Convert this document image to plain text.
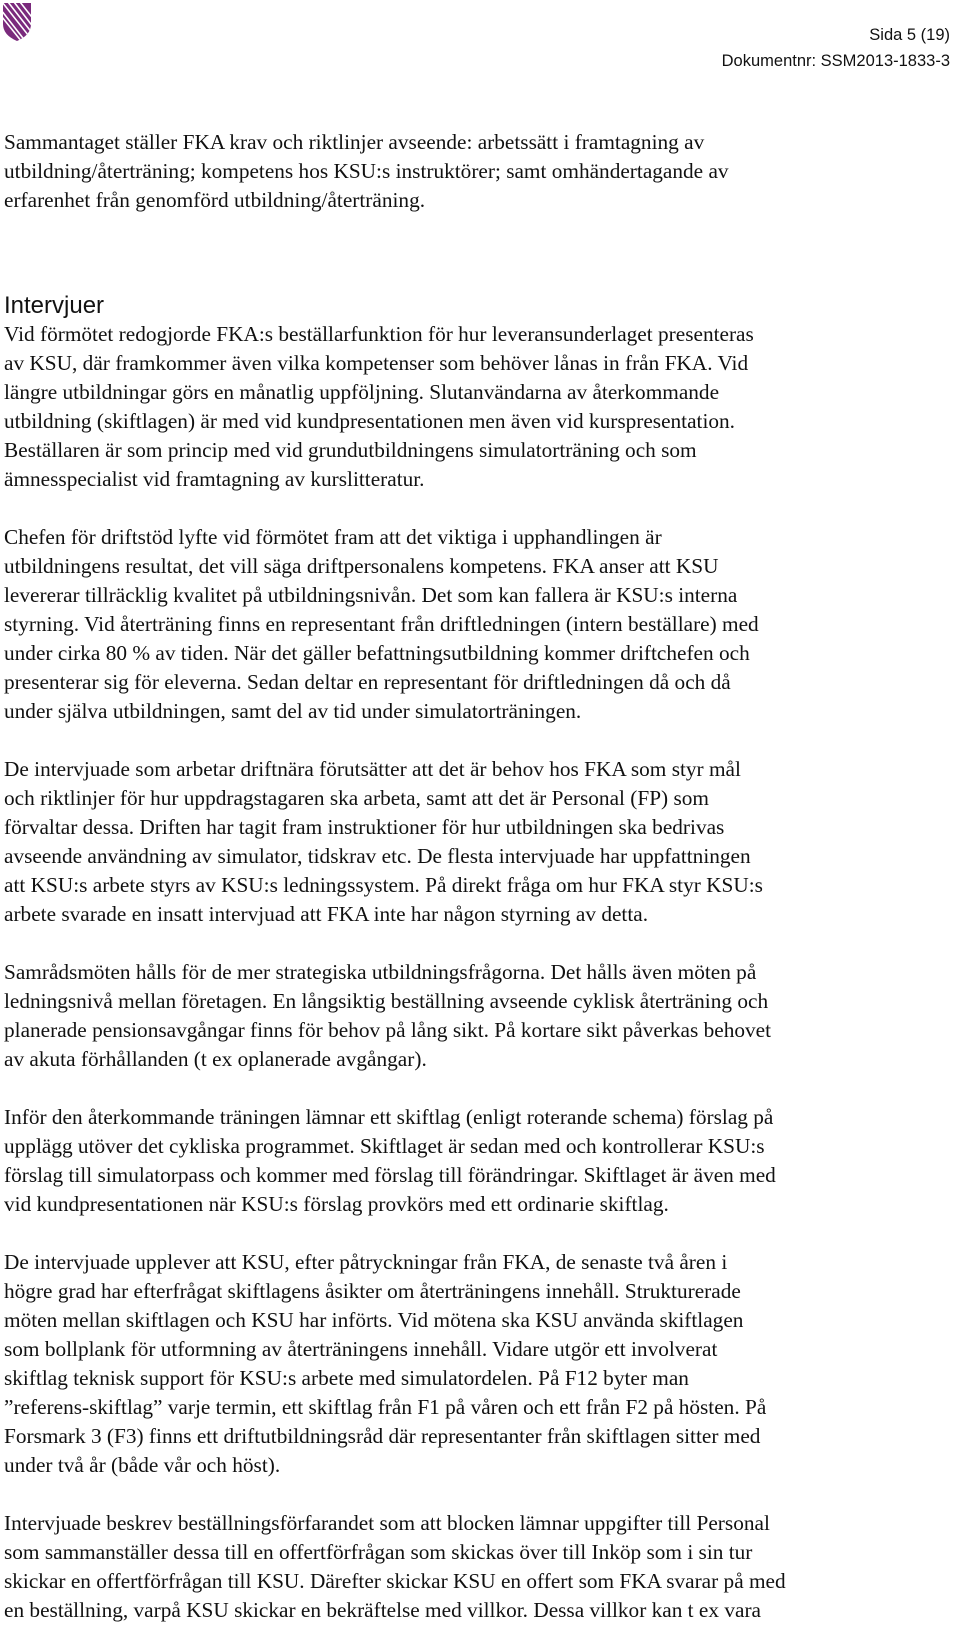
Sida 5 (19)
Dokumentnr: SSM2013-1833-3

Sammantaget ställer FKA krav och riktlinjer avseende: arbetssätt i framtagning av
utbildning/återträning; kompetens hos KSU:s instruktörer; samt omhändertagande av
erfarenhet från genomförd utbildning/återträning.

Intervjuer

Vid förmötet redogjorde FKA:s beställarfunktion för hur leveransunderlaget presenteras
av KSU, där framkommer även vilka kompetenser som behöver lånas in från FKA. Vid
längre utbildningar görs en månatlig uppföljning. Slutanvändarna av återkommande
utbildning (skiftlagen) är med vid kundpresentationen men även vid kurspresentation.
Beställaren är som princip med vid grundutbildningens simulatorträning och som
ämnesspecialist vid framtagning av kurslitteratur.

Chefen för driftstöd lyfte vid förmötet fram att det viktiga i upphandlingen är
utbildningens resultat, det vill säga driftpersonalens kompetens. FKA anser att KSU
levererar tillräcklig kvalitet på utbildningsnivån. Det som kan fallera är KSU:s interna
styrning. Vid återträning finns en representant från driftledningen (intern beställare) med
under cirka 80 % av tiden. När det gäller befattningsutbildning kommer driftchefen och
presenterar sig för eleverna. Sedan deltar en representant för driftledningen då och då
under själva utbildningen, samt del av tid under simulatorträningen.

De intervjuade som arbetar driftnära förutsätter att det är behov hos FKA som styr mål
och riktlinjer för hur uppdragstagaren ska arbeta, samt att det är Personal (FP) som
förvaltar dessa. Driften har tagit fram instruktioner för hur utbildningen ska bedrivas
avseende användning av simulator, tidskrav etc. De flesta intervjuade har uppfattningen
att KSU:s arbete styrs av KSU:s ledningssystem. På direkt fråga om hur FKA styr KSU:s
arbete svarade en insatt intervjuad att FKA inte har någon styrning av detta.

Samrådsmöten hålls för de mer strategiska utbildningsfrågorna. Det hålls även möten på
ledningsnivå mellan företagen. En långsiktig beställning avseende cyklisk återträning och
planerade pensionsavgångar finns för behov på lång sikt. På kortare sikt påverkas behovet
av akuta förhållanden (t ex oplanerade avgångar).

Inför den återkommande träningen lämnar ett skiftlag (enligt roterande schema) förslag på
upplägg utöver det cykliska programmet. Skiftlaget är sedan med och kontrollerar KSU:s
förslag till simulatorpass och kommer med förslag till förändringar. Skiftlaget är även med
vid kundpresentationen när KSU:s förslag provkörs med ett ordinarie skiftlag.

De intervjuade upplever att KSU, efter påtryckningar från FKA, de senaste två åren i
högre grad har efterfrågat skiftlagens åsikter om återträningens innehåll. Strukturerade
möten mellan skiftlagen och KSU har införts. Vid mötena ska KSU använda skiftlagen
som bollplank för utformning av återträningens innehåll. Vidare utgör ett involverat
skiftlag teknisk support för KSU:s arbete med simulatordelen. På F12 byter man
”referens-skiftlag” varje termin, ett skiftlag från F1 på våren och ett från F2 på hösten. På
Forsmark 3 (F3) finns ett driftutbildningsråd där representanter från skiftlagen sitter med
under två år (både vår och höst).

Intervjuade beskrev beställningsförfarandet som att blocken lämnar uppgifter till Personal
som sammanställer dessa till en offertförfrågan som skickas över till Inköp som i sin tur
skickar en offertförfrågan till KSU. Därefter skickar KSU en offert som FKA svarar på med
en beställning, varpå KSU skickar en bekräftelse med villkor. Dessa villkor kan t ex vara
